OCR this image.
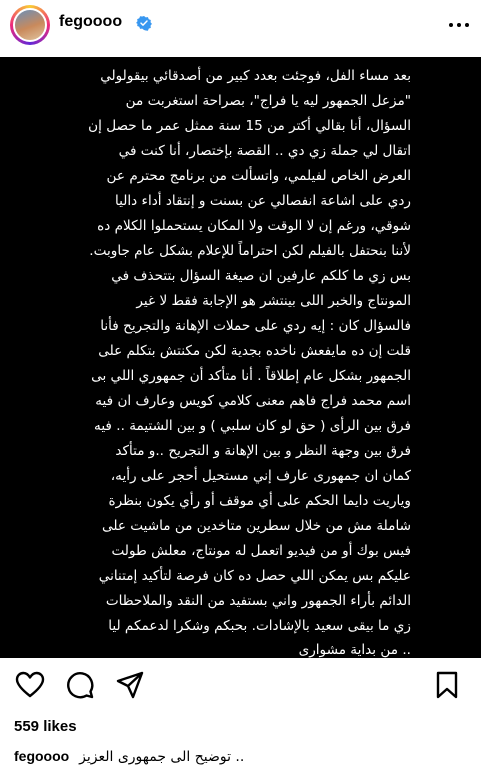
fegoooo
بعد مساء الفل، فوجئت بعدد كبير من أصدقائي بيقولولي
"مزعل الجمهور ليه يا فراج"، بصراحة استغربت من
السؤال، أنا بقالي أكتر من 15 سنة ممثل عمر ما حصل إن
اتقال لي جملة زي دي .. القصة بإختصار، أنا كنت في
العرض الخاص لفيلمي، واتسألت من برنامج محترم عن
ردي على اشاعة انفصالي عن بسنت و إنتقاد أداء داليا
شوقي، ورغم إن لا الوقت ولا المكان يستحملوا الكلام ده
لأننا بنحتفل بالفيلم لكن احتراماً للإعلام بشكل عام جاوبت.
بس زي ما كلكم عارفين ان صيغة السؤال بتتحذف في
المونتاج والخبر اللى بينتشر هو الإجابة فقط لا غير
فالسؤال كان : إيه ردي على حملات الإهانة والتجريح فأنا
قلت إن ده مايفعش ناخده بجدية لكن مكنتش بتكلم على
الجمهور بشكل عام إطلاقاً . أنا متأكد أن جمهوري اللي بى
اسم محمد فراج فاهم معنى كلامي كويس وعارف ان فيه
فرق بين الرأى ( حق لو كان سلبي ) و بين الشتيمة .. فيه
فرق بين وجهة النظر و بين الإهانة و التجريح ..و متأكد
كمان ان جمهورى عارف إني مستحيل أحجر على رأيه،
وياريت دايما الحكم على أي موقف أو رأي يكون بنظرة
شاملة مش من خلال سطرين متاخدين من ماشيت على
فيس بوك أو من فيديو اتعمل له مونتاج، معلش طولت
عليكم بس يمكن اللي حصل ده كان فرصة لتأكيد إمتناني
الدائم بأراء الجمهور واني بستفيد من النقد والملاحظات
زي ما بيقى سعيد بالإشادات. بحبكم وشكرا لدعمكم ليا
.. من بداية مشوارى
559 likes
fegoooo .. توضيح الى جمهورى العزيز
